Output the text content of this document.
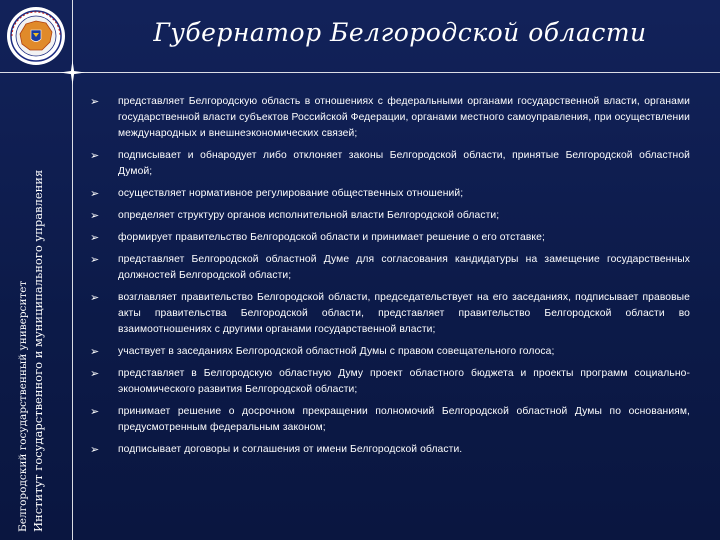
Губернатор Белгородской области
Белгородский государственный университет Институт государственного и муниципального управления
➢ представляет Белгородскую область в отношениях с федеральными органами государственной власти, органами государственной власти субъектов Российской Федерации, органами местного самоуправления, при осуществлении международных и внешнеэкономических связей;
➢ подписывает и обнародует либо отклоняет законы Белгородской области, принятые Белгородской областной Думой;
➢ осуществляет нормативное регулирование общественных отношений;
➢ определяет структуру органов исполнительной власти Белгородской области;
➢ формирует правительство Белгородской области и принимает решение о его отставке;
➢ представляет Белгородской областной Думе для согласования кандидатуры на замещение государственных должностей Белгородской области;
➢ возглавляет правительство Белгородской области, председательствует на его заседаниях, подписывает правовые акты правительства Белгородской области, представляет правительство Белгородской области во взаимоотношениях с другими органами государственной власти;
➢ участвует в заседаниях Белгородской областной Думы с правом совещательного голоса;
➢ представляет в Белгородскую областную Думу проект областного бюджета и проекты программ социально-экономического развития Белгородской области;
➢ принимает решение о досрочном прекращении полномочий Белгородской областной Думы по основаниям, предусмотренным федеральным законом;
➢ подписывает договоры и соглашения от имени Белгородской области.
